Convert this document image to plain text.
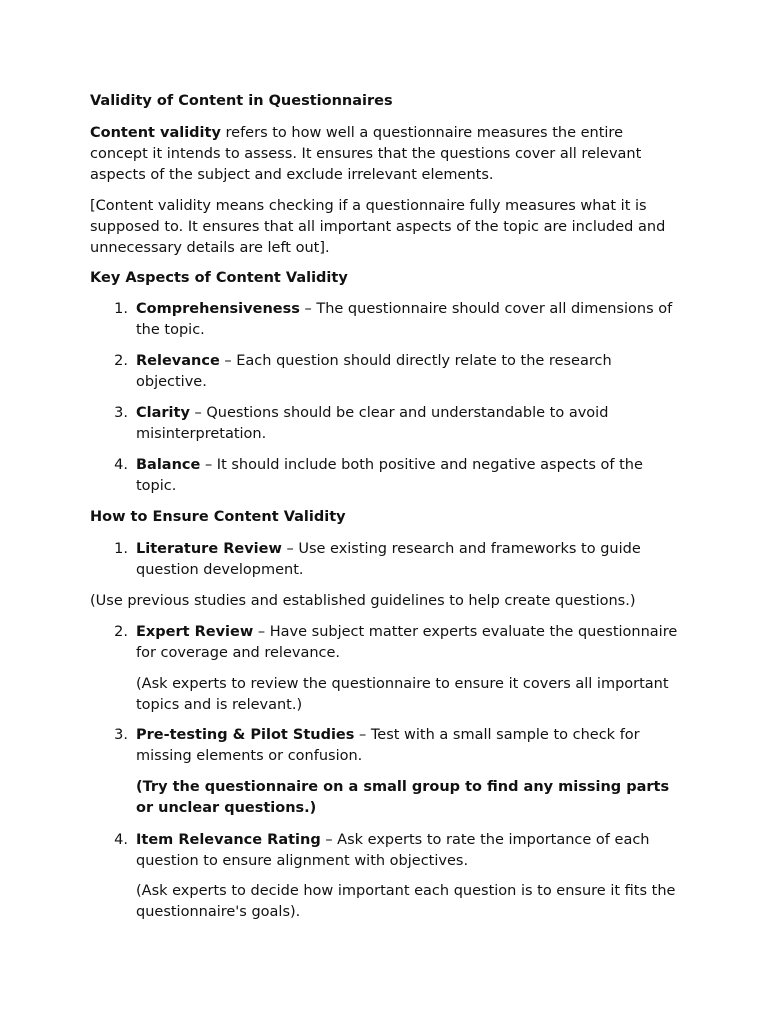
Validity of Content in Questionnaires
Content validity refers to how well a questionnaire measures the entire concept it intends to assess. It ensures that the questions cover all relevant aspects of the subject and exclude irrelevant elements.
[Content validity means checking if a questionnaire fully measures what it is supposed to. It ensures that all important aspects of the topic are included and unnecessary details are left out].
Key Aspects of Content Validity
1. Comprehensiveness – The questionnaire should cover all dimensions of the topic.
2. Relevance – Each question should directly relate to the research objective.
3. Clarity – Questions should be clear and understandable to avoid misinterpretation.
4. Balance – It should include both positive and negative aspects of the topic.
How to Ensure Content Validity
1. Literature Review – Use existing research and frameworks to guide question development.
(Use previous studies and established guidelines to help create questions.)
2. Expert Review – Have subject matter experts evaluate the questionnaire for coverage and relevance.
(Ask experts to review the questionnaire to ensure it covers all important topics and is relevant.)
3. Pre-testing & Pilot Studies – Test with a small sample to check for missing elements or confusion.
(Try the questionnaire on a small group to find any missing parts or unclear questions.)
4. Item Relevance Rating – Ask experts to rate the importance of each question to ensure alignment with objectives.
(Ask experts to decide how important each question is to ensure it fits the questionnaire's goals).
